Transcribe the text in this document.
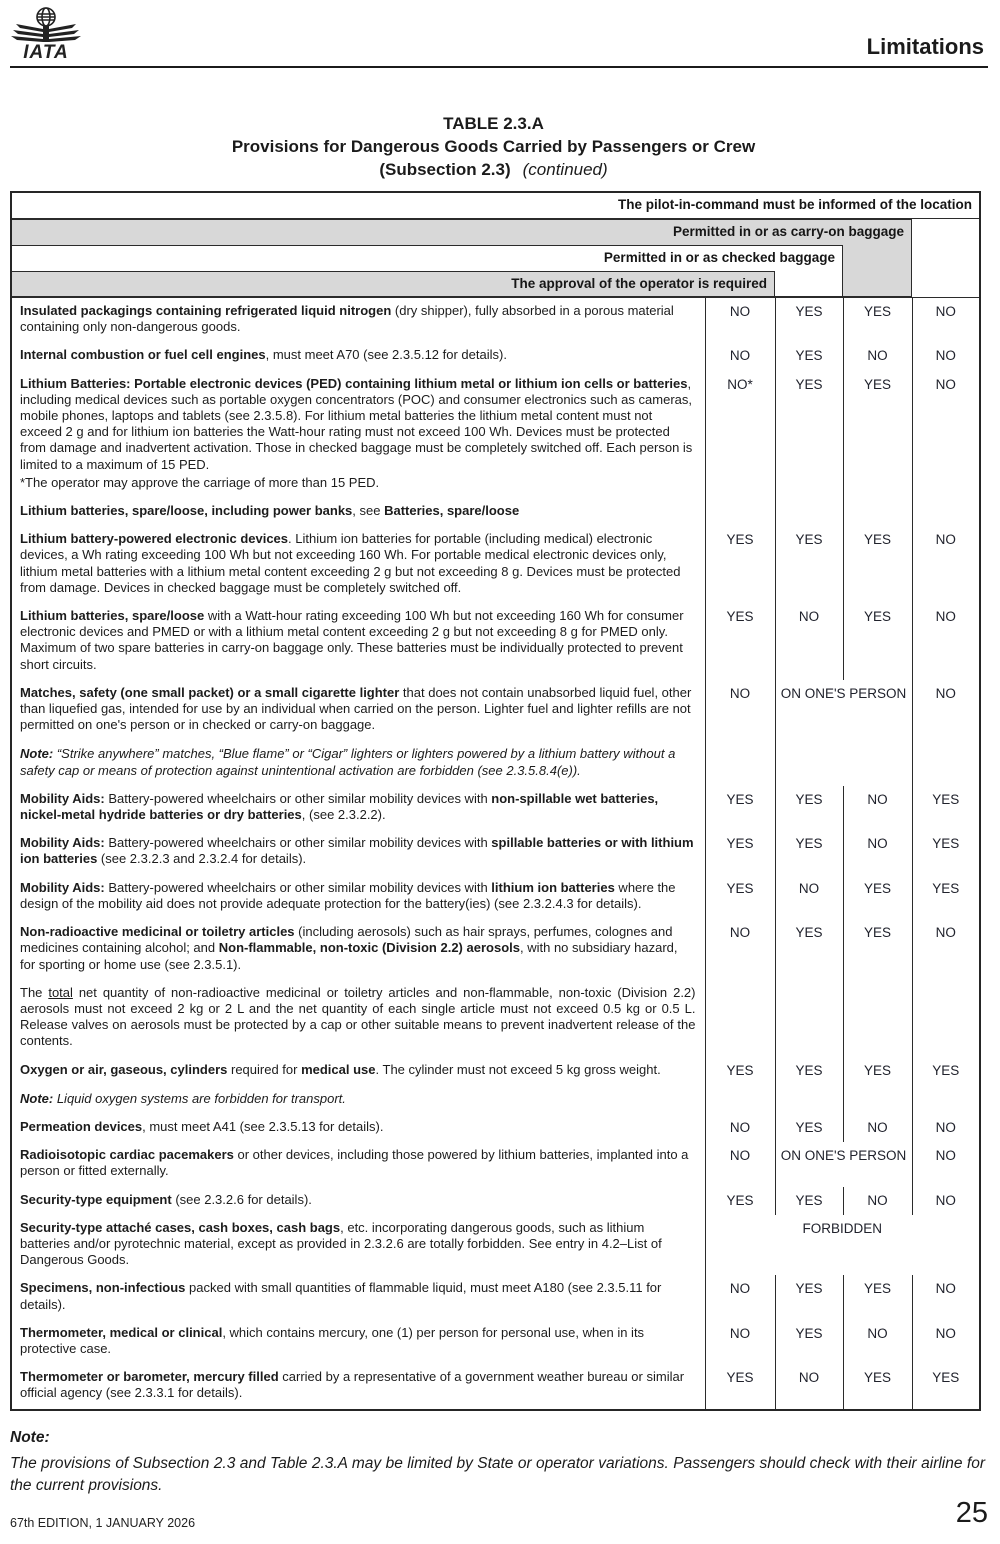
IATA	Limitations
TABLE 2.3.A
Provisions for Dangerous Goods Carried by Passengers or Crew
(Subsection 2.3) (continued)
The pilot-in-command must be informed of the location
Permitted in or as carry-on baggage
Permitted in or as checked baggage
The approval of the operator is required
Insulated packagings containing refrigerated liquid nitrogen (dry shipper), fully absorbed in a porous material containing only non-dangerous goods.	NO	YES	YES	NO

Internal combustion or fuel cell engines, must meet A70 (see 2.3.5.12 for details).	NO	YES	NO	NO

Lithium Batteries: Portable electronic devices (PED) containing lithium metal or lithium ion cells or batteries, including medical devices such as portable oxygen concentrators (POC) and consumer electronics such as cameras, mobile phones, laptops and tablets (see 2.3.5.8). For lithium metal batteries the lithium metal content must not exceed 2 g and for lithium ion batteries the Watt-hour rating must not exceed 100 Wh. Devices must be protected from damage and inadvertent activation. Those in checked baggage must be completely switched off. Each person is limited to a maximum of 15 PED.
*The operator may approve the carriage of more than 15 PED.	NO*	YES	YES	NO

Lithium batteries, spare/loose, including power banks, see Batteries, spare/loose				

Lithium battery-powered electronic devices. Lithium ion batteries for portable (including medical) electronic devices, a Wh rating exceeding 100 Wh but not exceeding 160 Wh. For portable medical electronic devices only, lithium metal batteries with a lithium metal content exceeding 2 g but not exceeding 8 g. Devices must be protected from damage. Devices in checked baggage must be completely switched off.	YES	YES	YES	NO

Lithium batteries, spare/loose with a Watt-hour rating exceeding 100 Wh but not exceeding 160 Wh for consumer electronic devices and PMED or with a lithium metal content exceeding 2 g but not exceeding 8 g for PMED only. Maximum of two spare batteries in carry-on baggage only. These batteries must be individually protected to prevent short circuits.	YES	NO	YES	NO

Matches, safety (one small packet) or a small cigarette lighter that does not contain unabsorbed liquid fuel, other than liquefied gas, intended for use by an individual when carried on the person. Lighter fuel and lighter refills are not permitted on one's person or in checked or carry-on baggage.
Note: “Strike anywhere” matches, “Blue flame” or “Cigar” lighters or lighters powered by a lithium battery without a safety cap or means of protection against unintentional activation are forbidden (see 2.3.5.8.4(e)).	NO	ON ONE'S PERSON		NO

Mobility Aids: Battery-powered wheelchairs or other similar mobility devices with non-spillable wet batteries, nickel-metal hydride batteries or dry batteries, (see 2.3.2.2).	YES	YES	NO	YES

Mobility Aids: Battery-powered wheelchairs or other similar mobility devices with spillable batteries or with lithium ion batteries (see 2.3.2.3 and 2.3.2.4 for details).	YES	YES	NO	YES

Mobility Aids: Battery-powered wheelchairs or other similar mobility devices with lithium ion batteries where the design of the mobility aid does not provide adequate protection for the battery(ies) (see 2.3.2.4.3 for details).	YES	NO	YES	YES

Non-radioactive medicinal or toiletry articles (including aerosols) such as hair sprays, perfumes, colognes and medicines containing alcohol; and Non-flammable, non-toxic (Division 2.2) aerosols, with no subsidiary hazard, for sporting or home use (see 2.3.5.1).	NO	YES	YES	NO

The total net quantity of non-radioactive medicinal or toiletry articles and non-flammable, non-toxic (Division 2.2) aerosols must not exceed 2 kg or 2 L and the net quantity of each single article must not exceed 0.5 kg or 0.5 L. Release valves on aerosols must be protected by a cap or other suitable means to prevent inadvertent release of the contents.				

Oxygen or air, gaseous, cylinders required for medical use. The cylinder must not exceed 5 kg gross weight.
Note: Liquid oxygen systems are forbidden for transport.	YES	YES	YES	YES

Permeation devices, must meet A41 (see 2.3.5.13 for details).	NO	YES	NO	NO

Radioisotopic cardiac pacemakers or other devices, including those powered by lithium batteries, implanted into a person or fitted externally.	NO	ON ONE'S PERSON		NO

Security-type equipment (see 2.3.2.6 for details).	YES	YES	NO	NO

Security-type attaché cases, cash boxes, cash bags, etc. incorporating dangerous goods, such as lithium batteries and/or pyrotechnic material, except as provided in 2.3.2.6 are totally forbidden. See entry in 4.2–List of Dangerous Goods.	FORBIDDEN			

Specimens, non-infectious packed with small quantities of flammable liquid, must meet A180 (see 2.3.5.11 for details).	NO	YES	YES	NO

Thermometer, medical or clinical, which contains mercury, one (1) per person for personal use, when in its protective case.	NO	YES	NO	NO

Thermometer or barometer, mercury filled carried by a representative of a government weather bureau or similar official agency (see 2.3.3.1 for details).	YES	NO	YES	YES
Note:
The provisions of Subsection 2.3 and Table 2.3.A may be limited by State or operator variations. Passengers should check with their airline for the current provisions.
67th EDITION, 1 JANUARY 2026	25
